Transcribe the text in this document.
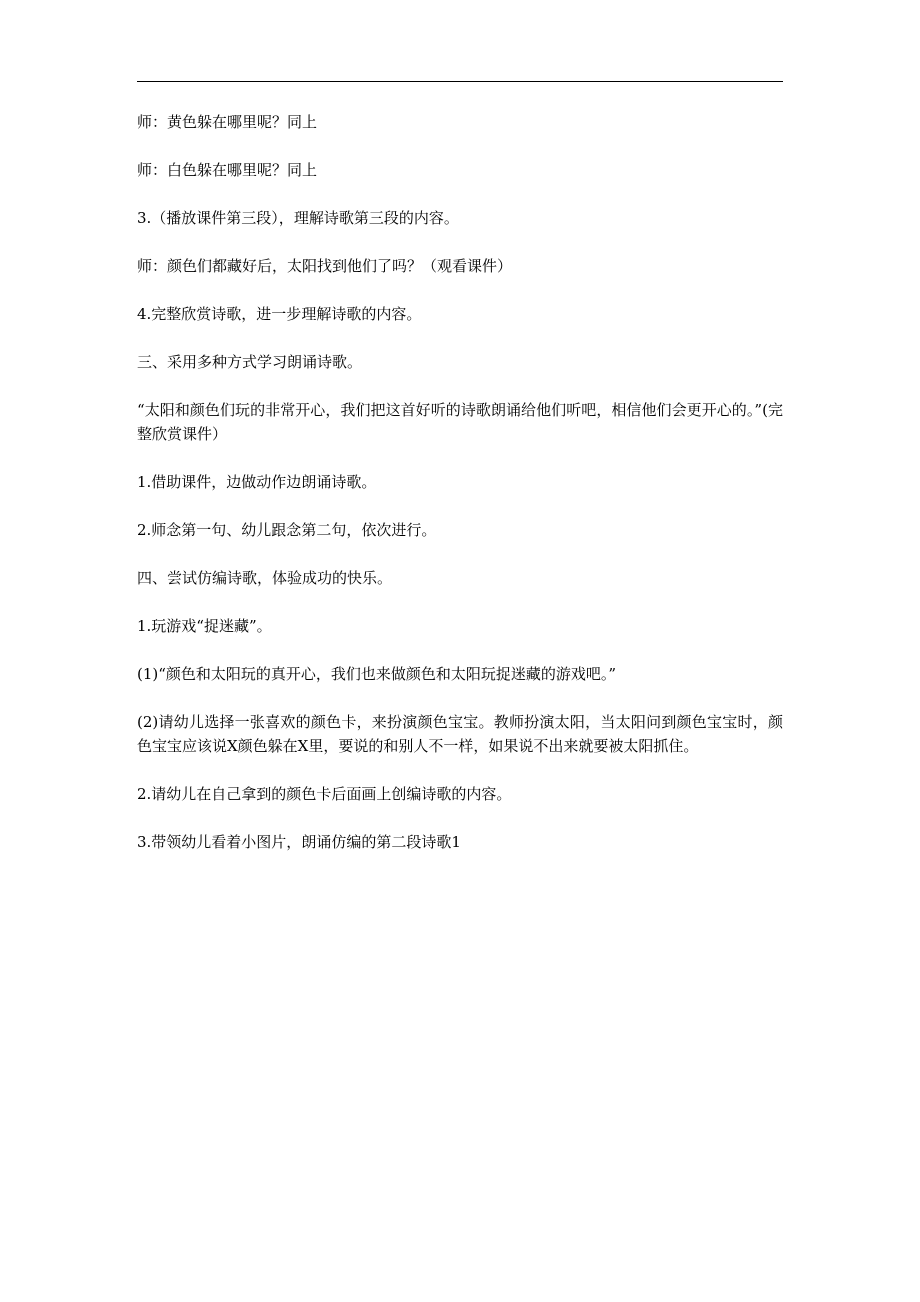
师：黄色躲在哪里呢？同上

师：白色躲在哪里呢？同上

3.（播放课件第三段），理解诗歌第三段的内容。

师：颜色们都藏好后，太阳找到他们了吗？（观看课件）

4.完整欣赏诗歌，进一步理解诗歌的内容。

三、采用多种方式学习朗诵诗歌。

“太阳和颜色们玩的非常开心，我们把这首好听的诗歌朗诵给他们听吧，相信他们会更开心的。”(完整欣赏课件）

1.借助课件，边做动作边朗诵诗歌。

2.师念第一句、幼儿跟念第二句，依次进行。

四、尝试仿编诗歌，体验成功的快乐。

1.玩游戏“捉迷藏”。

(1)“颜色和太阳玩的真开心，我们也来做颜色和太阳玩捉迷藏的游戏吧。”

(2)请幼儿选择一张喜欢的颜色卡，来扮演颜色宝宝。教师扮演太阳，当太阳问到颜色宝宝时，颜色宝宝应该说X颜色躲在X里，要说的和别人不一样，如果说不出来就要被太阳抓住。

2.请幼儿在自己拿到的颜色卡后面画上创编诗歌的内容。

3.带领幼儿看着小图片，朗诵仿编的第二段诗歌1
